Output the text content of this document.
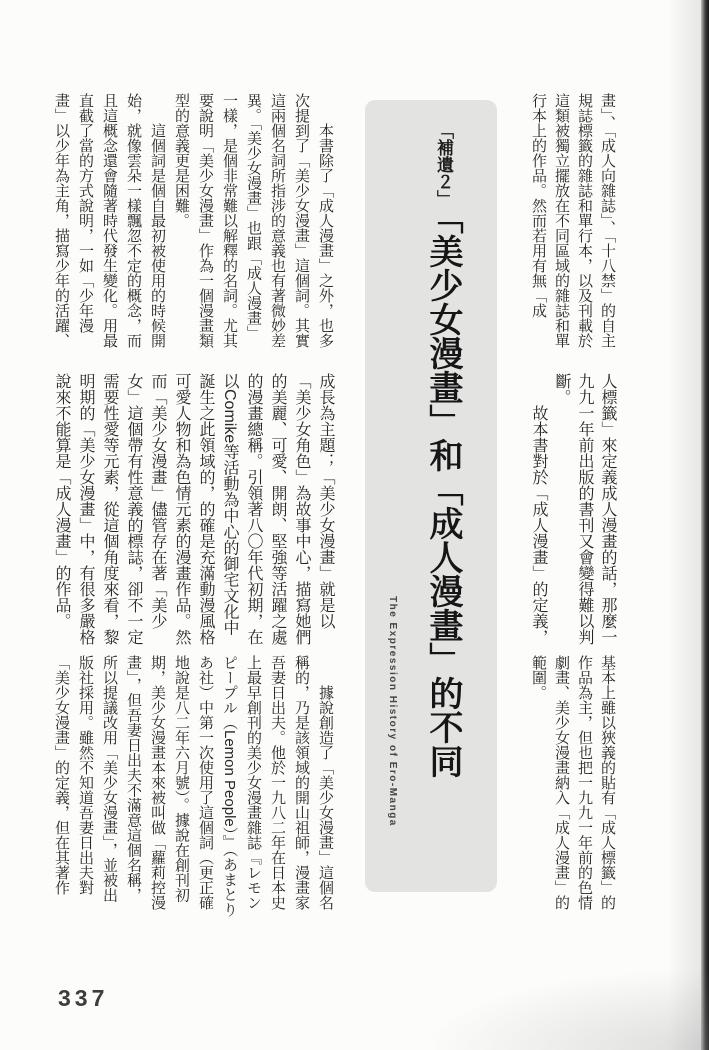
畫」、「成人向雜誌」、「十八禁」的自主規誌標籤的雜誌和單行本，以及刊載於這類被獨立擺放在不同區域的雜誌和單行本上的作品。然而若用有無「成

人標籤」來定義成人漫畫的話，那麼一九九一年前出版的書刊又會變得難以判斷。

故本書對於「成人漫畫」的定義，

基本上雖以狹義的貼有「成人標籤」的作品為主，但也把一九九一年前的色情劇畫、美少女漫畫納入「成人漫畫」的範圍。

「補遺２」「美少女漫畫」和「成人漫畫」的不同
The Expression History of Ero-Manga

本書除了「成人漫畫」之外，也多次提到了「美少女漫畫」這個詞。其實這兩個名詞所指涉的意義也有著微妙差異。「美少女漫畫」也跟「成人漫畫」一樣，是個非常難以解釋的名詞。尤其要說明「美少女漫畫」作為一個漫畫類型的意義更是困難。

這個詞是個自最初被使用的時候開始，就像雲朵一樣飄忽不定的概念，而且這概念還會隨著時代發生變化。用最直截了當的方式說明，一如「少年漫畫」以少年為主角，描寫少年的活躍、

成長為主題；「美少女漫畫」就是以「美少女角色」為故事中心，描寫她們的美麗、可愛、開朗、堅強等活躍之處的漫畫總稱。引領著八〇年代初期，在以Comike等活動為中心的御宅文化中誕生之此領域的，的確是充滿動漫風格可愛人物和為色情元素的漫畫作品。然而「美少女漫畫」儘管存在著「美少女」這個帶有性意義的標誌，卻不一定需要性愛等元素，從這個角度來看，黎明期的「美少女漫畫」中，有很多嚴格說來不能算是「成人漫畫」的作品。

據說創造了「美少女漫畫」這個名稱的，乃是該領域的開山祖師，漫畫家吾妻日出夫。他於一九八二年在日本史上最早創刊的美少女漫畫雜誌『レモンピープル（Lemon People）』（あまとりあ社）中第一次使用了這個詞（更正確地說是八二年六月號）。據說在創刊初期，美少女漫畫本來被叫做「蘿莉控漫畫」，但吾妻日出夫不滿意這個名稱，所以提議改用「美少女漫畫」，並被出版社採用。雖然不知道吾妻日出夫對「美少女漫畫」的定義，但在其著作

337
